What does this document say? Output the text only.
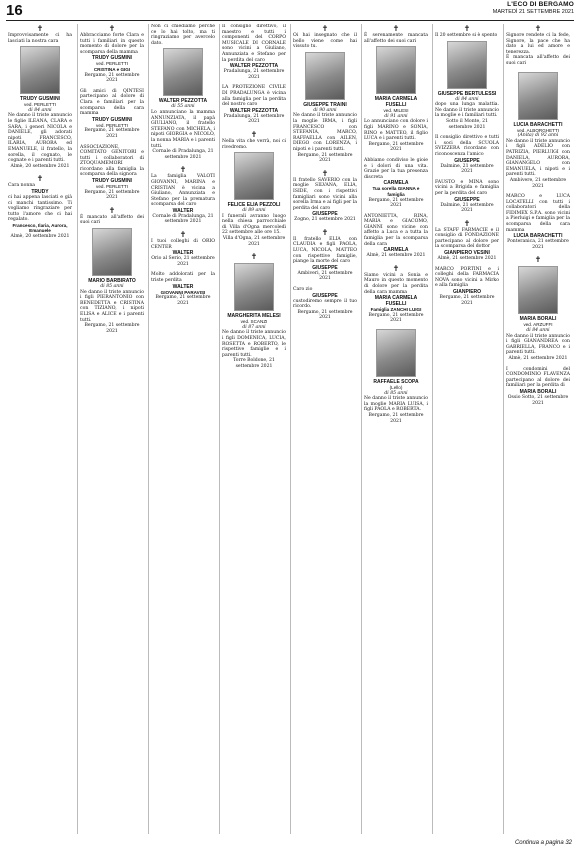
16	L'ECO DI BERGAMO
MARTEDÌ 21 SETTEMBRE 2021
✝
Improvvisamente ci ha lasciati la nostra cara
TRUDY GUSMINI
ved. PERLETTI
di 84 anni
Ne danno il triste annuncio le figlie ILEANA, CLARA e SARA, i generi NICOLA e DANIELE, gli adorati nipoti FRANCESCO, ILARIA, AURORA ed EMANUELE, il fratello, la sorella, il cognato, le cognate e i parenti tutti.
Almè, 20 settembre 2021
✝
Cara nonna
TRUDY
ci hai appena lasciati e già ci manchi tantissimo. Ti vogliamo ringraziare per tutto l'amore che ci hai regalato.
Francesco, Ilaria, Aurora, Emanuele
Almè, 20 settembre 2021
✝
Abbracciamo forte Clara e tutti i familiari in questo momento di dolore per la scomparsa della mamma
TRUDY GUSMINI
ved. PERLETTI
CRISTINA e GIGI
Bergamo, 21 settembre 2021
Gli amici di QINTESI partecipano al dolore di Clara e familiari per la scomparsa della cara mamma
TRUDY GUSMINI
ved. PERLETTI
Bergamo, 21 settembre 2021
ASSOCIAZIONE, COMITATO GENITORI e tutti i collaboratori di ZTOQUAMEMORI ricordano alla famiglia la scomparsa della signora
TRUDY GUSMINI
ved. PERLETTI
Bergamo, 21 settembre 2021
✝
È mancato all'affetto dei suoi cari
MARIO BARBIRATO
di 85 anni
Ne danno il triste annuncio i figli PIERANTONIO con BENEDETTA e CRISTINA con TIZIANO, i nipoti ELISA e ALICE e i parenti tutti.
Bergamo, 21 settembre 2021
Non ci chiediamo perché ce lo hai tolto, ma ti ringraziamo per avercelo dato.
WALTER PEZZOTTA
di 55 anni
Lo annunciano la mamma ANNUNZIATA, il papà GIULIANO, il fratello STEFANO con MICHELA, i nipoti GIORGIA e NICOLÒ, la nonna MARIA e i parenti tutti.
Cornale di Pradalunga, 21 settembre 2021
✝
La famiglia VALOTI GIOVANNI, MARINA e CRISTIAN è vicina a Giuliano, Annunziata e Stefano per la prematura scomparsa del caro
WALTER
Cornale di Pradalunga, 21 settembre 2021
✝
I tuoi colleghi di ORIO CENTER
WALTER
Orio al Serio, 21 settembre 2021
Molto addolorati per la triste perdita
WALTER
GIOVANNI PARAVISI
Bergamo, 21 settembre 2021
Il consiglio direttivo, il maestro e tutti i componenti del CORPO MUSICALE DI CORNALE sono vicini a Giuliano, Annunziata e Stefano per la perdita del caro
WALTER PEZZOTTA
Pradalunga, 21 settembre 2021
LA PROTEZIONE CIVILE DI PRADALUNGA è vicina alla famiglia per la perdita del nostro caro
WALTER PEZZOTTA
Pradalunga, 21 settembre 2021
✝
Nella vita che verrà, noi ci rivedremo.
FELICE ELIA PEZZOLI
di 89 anni
I funerali avranno luogo nella chiesa parrocchiale di Villa d'Ogna mercoledì 22 settembre alle ore 15.
Villa d'Ogna, 21 settembre 2021
✝
MARGHERITA MELESI
ved. SCANZI
di 87 anni
Ne danno il triste annuncio i figli DOMENICA, LUCIA, ROSETTA e ROBERTO, le rispettive famiglie e i parenti tutti.
Torre Boldone, 21 settembre 2021
✝
Oi hai insegnato che il bello viene come hai vissuto tu.
GIUSEPPE TRAINI
di 90 anni
Ne danno il triste annuncio la moglie IRMA, i figli FRANCESCO con STEFANIA, MARCO, RAFFAELLA con AILEN, DIEGO con LORENZA, i nipoti e i parenti tutti.
Bergamo, 21 settembre 2021
✝
Il fratello SAVERIO con la moglie SILVANA, ELIA, ISIDE, con i rispettivi famigliari sono vicini alla sorella Irma e ai figli per la perdita del caro
GIUSEPPE
Zogno, 21 settembre 2021
✝
Il fratello ELIA con CLAUDIA e figli PAOLA, LUCA, NICOLA, MATTEO con rispettive famiglie, piange la morte del caro
GIUSEPPE
Ambiveri, 21 settembre 2021
Caro zio
GIUSEPPE
custodiremo sempre il tuo ricordo.
Bergamo, 21 settembre 2021
✝
È serenamente mancata all'affetto dei suoi cari
MARIA CARMELA FUSELLI
ved. MILESI
di 91 anni
Lo annunciano con dolore i figli MARINO e SONIA, RINO e MATTEO, il figlio LUCA e i parenti tutti.
Bergamo, 21 settembre 2021
Abbiamo condiviso le gioie e i dolori di una vita. Grazie per la tua presenza discreta
CARMELA
Tua sorella GIANNA e famiglia
Bergamo, 21 settembre 2021
ANTONIETTA, RINA, MARIA e GIACOMO, GIANNI sono vicine con affetto a Luca e a tutta la famiglia per la scomparsa della cara
CARMELA
Almè, 21 settembre 2021
✝
Siamo vicini a Sonia e Mauro in questo momento di dolore per la perdita della cara mamma
MARIA CARMELA FUSELLI
Famiglia ZANCHI LUIGI
Bergamo, 21 settembre 2021
RAFFAELE SCOPA
(Lello)
di 85 anni
Ne danno il triste annuncio la moglie MARIA LUISA, i figli PAOLA e ROBERTA.
Bergamo, 21 settembre 2021
✝
Il 20 settembre si è spento
GIUSEPPE BERTULESSI
di 84 anni
dopo una lunga malattia. Ne danno il triste annuncio la moglie e i familiari tutti.
Sotto il Monte, 21 settembre 2021
Il consiglio direttivo e tutti i soci della SCUOLA SVIZZERA ricordano con riconoscenza l'amico
GIUSEPPE
Dalmine, 21 settembre 2021
FAUSTO e MINA sono vicini a Brigida e famiglia per la perdita del caro
GIUSEPPE
Dalmine, 21 settembre 2021
✝
La STAFF FARMACIE e il consiglio di FONDAZIONE partecipano al dolore per la scomparsa del dottor
GIANPIERO VESINI
Almè, 21 settembre 2021
MARCO PORTINI e i colleghi della FARMACIA NOVA sono vicini a Mirko e alla famiglia
GIANPIERO
Bergamo, 21 settembre 2021
✝
Signore rendete ci la fede, Signore, la pace che ha dato a lui ed amore e tenerezza.
È mancata all'affetto dei suoi cari
LUCIA BARACHETTI
ved. ALBORGHETTI
(Anita) di 92 anni
Ne danno il triste annuncio i figli ADELIO con PATRIZIA, PIERLUIGI con DANIELA, AURORA, GIANANGELO con EMANUELA, i nipoti e i parenti tutti.
Ambivere, 21 settembre 2021
MARCO e LUCA LOCATELLI con tutti i collaboratori della FIDIMEX S.P.A. sono vicini a Pierluigi e famiglia per la scomparsa della cara mamma
LUCIA BARACHETTI
Ponteranica, 21 settembre 2021
✝
MARIA BORALI
ved. ARZUFFI
di 84 anni
Ne danno il triste annuncio i figli GIANANDREA con GABRIELLA, FRANCO e i parenti tutti.
Almè, 21 settembre 2021
I condomini del CONDOMINIO FLAVENZA partecipano al dolore dei familiari per la perdita di
MARIA BORALI
Ossio Sotto, 21 settembre 2021
Continua a pagina 32
